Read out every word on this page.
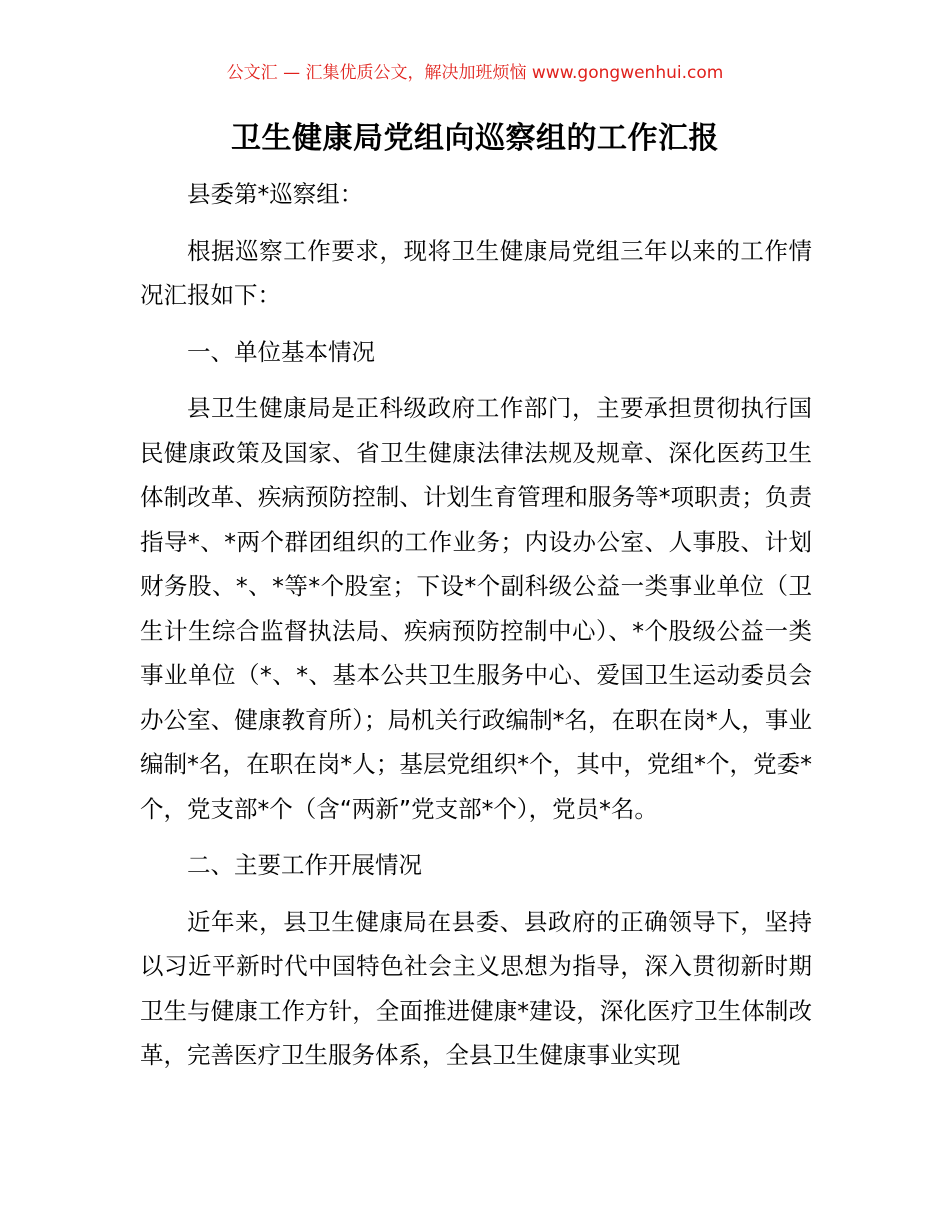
公文汇 — 汇集优质公文，解决加班烦恼 www.gongwenhui.com
卫生健康局党组向巡察组的工作汇报

县委第*巡察组：

根据巡察工作要求，现将卫生健康局党组三年以来的工作情况汇报如下：

一、单位基本情况

县卫生健康局是正科级政府工作部门，主要承担贯彻执行国民健康政策及国家、省卫生健康法律法规及规章、深化医药卫生体制改革、疾病预防控制、计划生育管理和服务等*项职责；负责指导*、*两个群团组织的工作业务；内设办公室、人事股、计划财务股、*、*等*个股室；下设*个副科级公益一类事业单位（卫生计生综合监督执法局、疾病预防控制中心）、*个股级公益一类事业单位（*、*、基本公共卫生服务中心、爱国卫生运动委员会办公室、健康教育所）；局机关行政编制*名，在职在岗*人，事业编制*名，在职在岗*人；基层党组织*个，其中，党组*个，党委*个，党支部*个（含“两新”党支部*个），党员*名。

二、主要工作开展情况

近年来，县卫生健康局在县委、县政府的正确领导下，坚持以习近平新时代中国特色社会主义思想为指导，深入贯彻新时期卫生与健康工作方针，全面推进健康*建设，深化医疗卫生体制改革，完善医疗卫生服务体系，全县卫生健康事业实现
